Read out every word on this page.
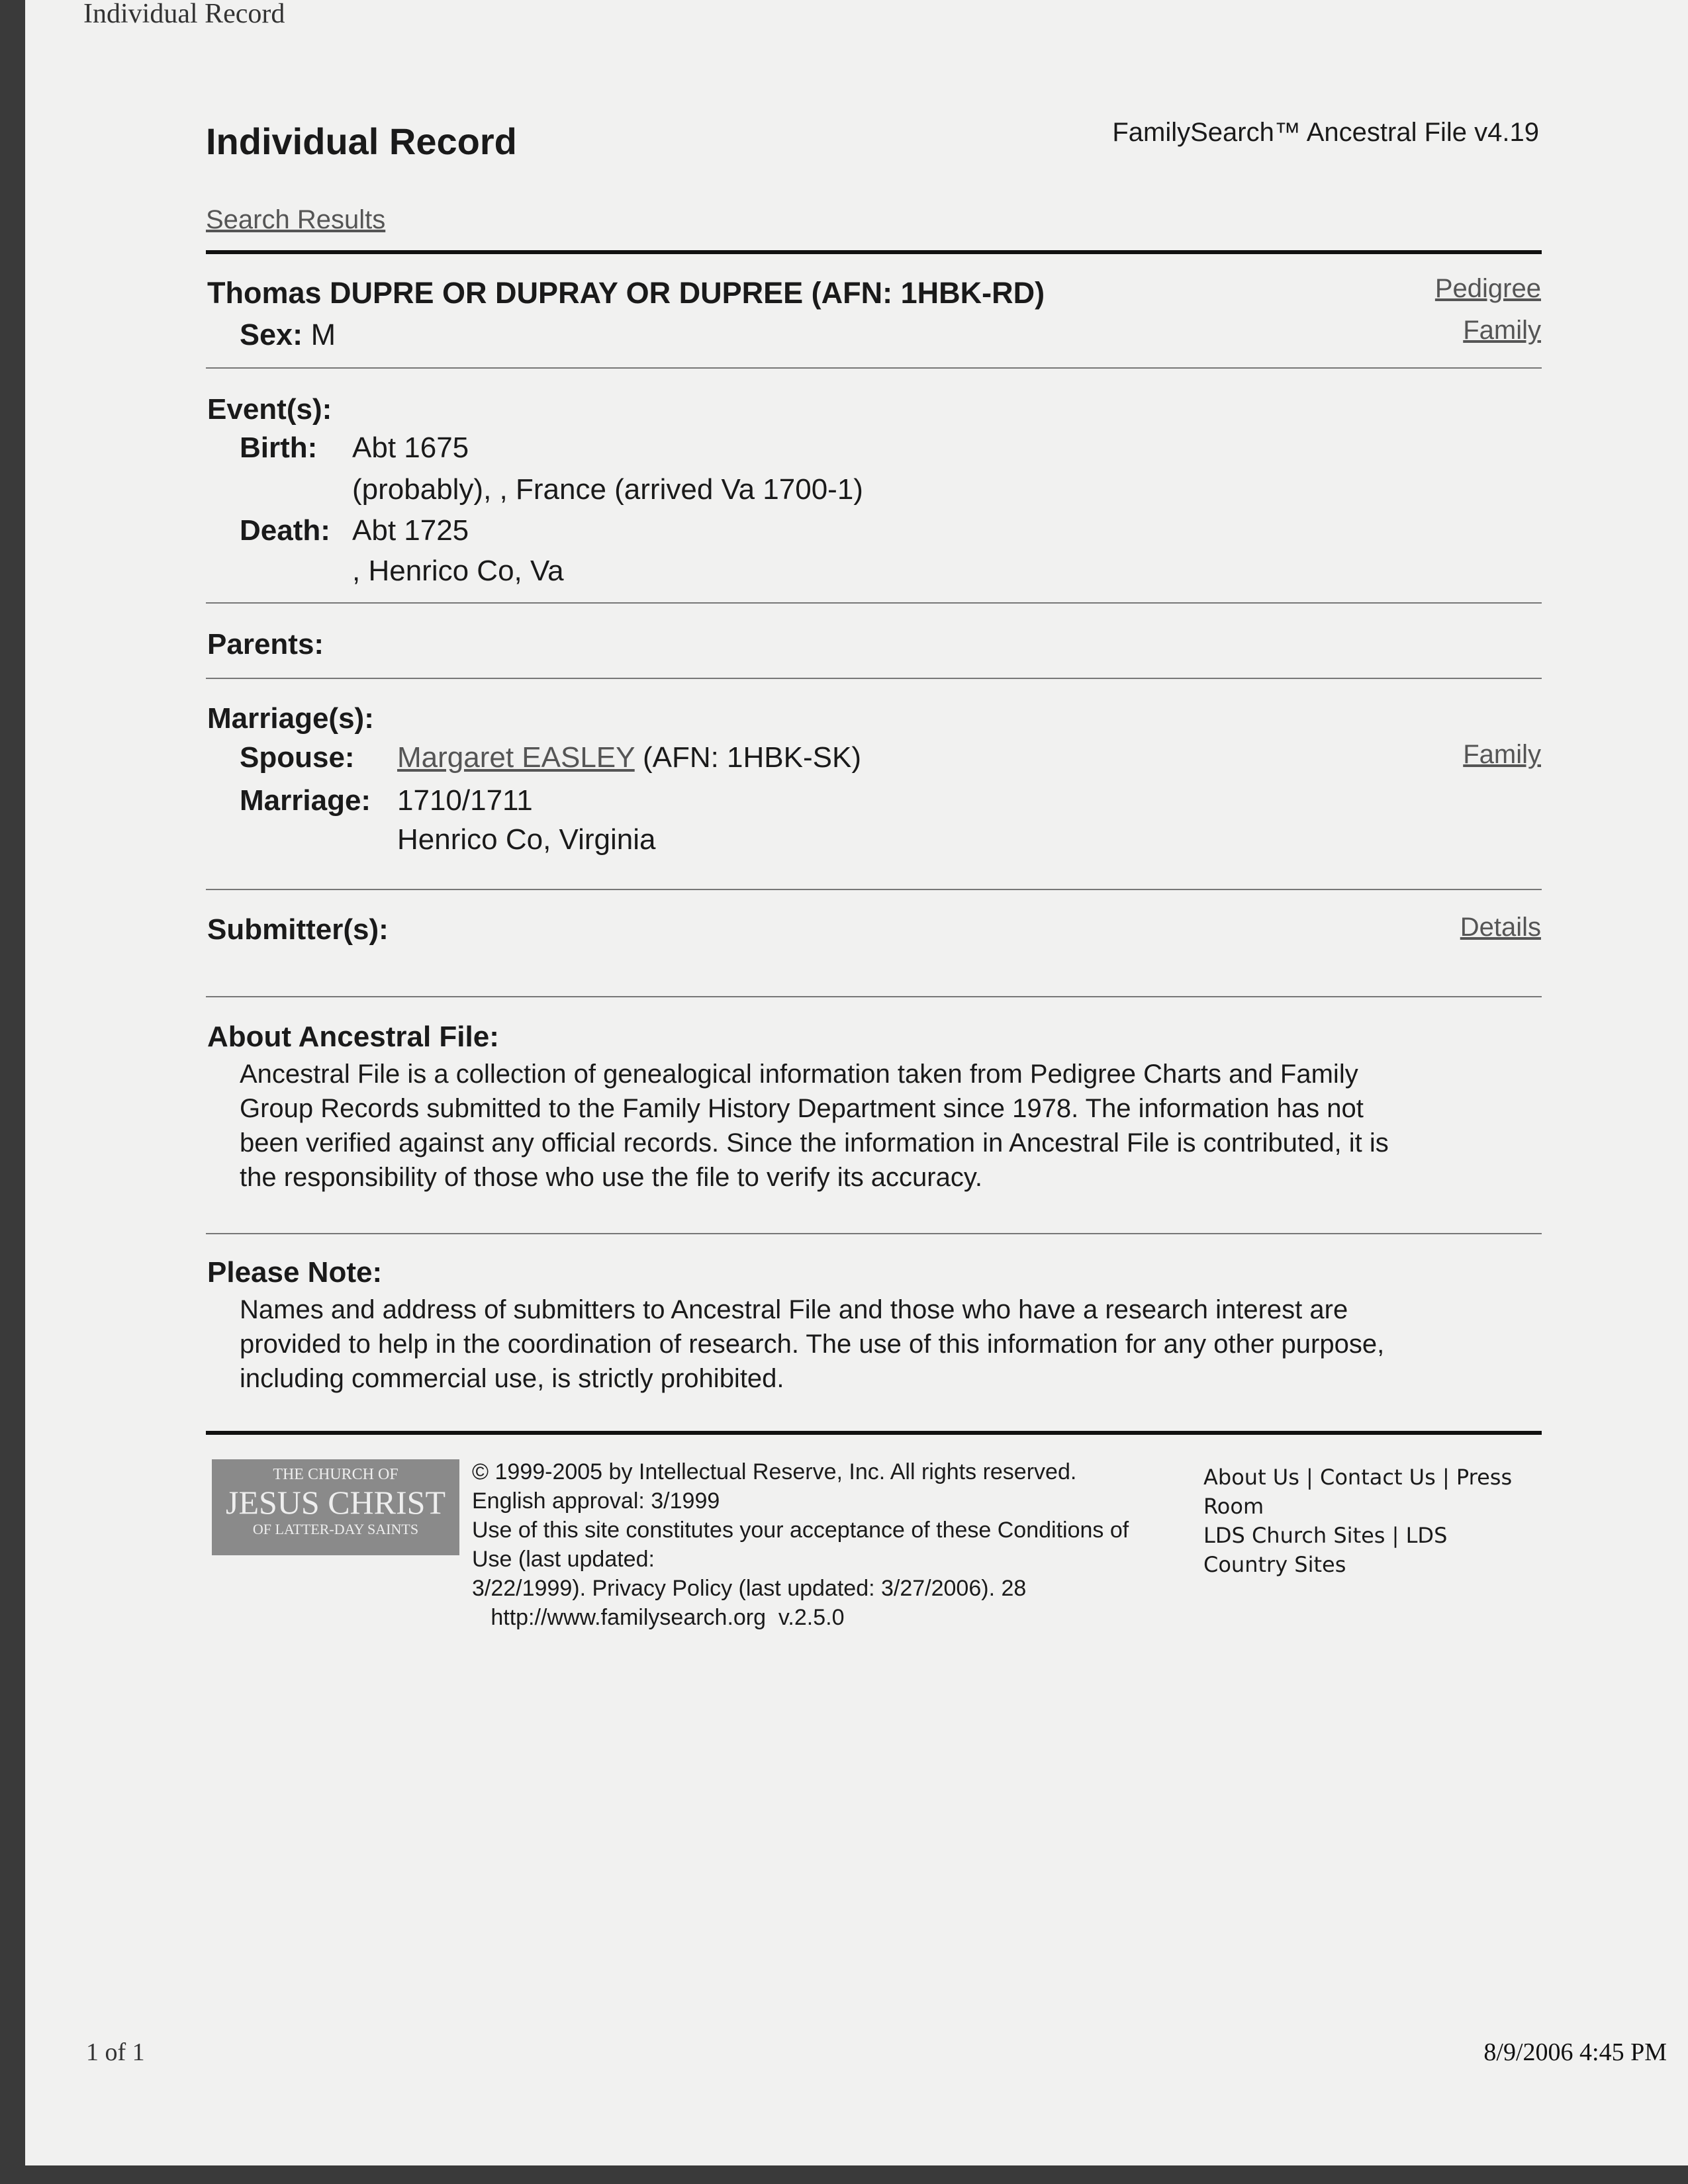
Individual Record
Individual Record	FamilySearch™ Ancestral File v4.19
Search Results
Thomas DUPRE OR DUPRAY OR DUPREE (AFN: 1HBK-RD)
Sex: M
Pedigree
Family
Event(s):
Birth: Abt 1675
(probably), , France (arrived Va 1700-1)
Death: Abt 1725
, Henrico Co, Va
Parents:
Marriage(s):
Spouse: Margaret EASLEY (AFN: 1HBK-SK)	Family
Marriage: 1710/1711
Henrico Co, Virginia
Submitter(s):	Details
About Ancestral File:
Ancestral File is a collection of genealogical information taken from Pedigree Charts and Family
Group Records submitted to the Family History Department since 1978. The information has not
been verified against any official records. Since the information in Ancestral File is contributed, it is
the responsibility of those who use the file to verify its accuracy.
Please Note:
Names and address of submitters to Ancestral File and those who have a research interest are
provided to help in the coordination of research. The use of this information for any other purpose,
including commercial use, is strictly prohibited.
THE CHURCH OF
JESUS CHRIST
OF LATTER-DAY SAINTS
© 1999-2005 by Intellectual Reserve, Inc. All rights reserved.
English approval: 3/1999
Use of this site constitutes your acceptance of these Conditions of
Use (last updated:
3/22/1999). Privacy Policy (last updated: 3/27/2006). 28
http://www.familysearch.org  v.2.5.0
About Us | Contact Us | Press
Room
LDS Church Sites | LDS
Country Sites
1 of 1	8/9/2006 4:45 PM
